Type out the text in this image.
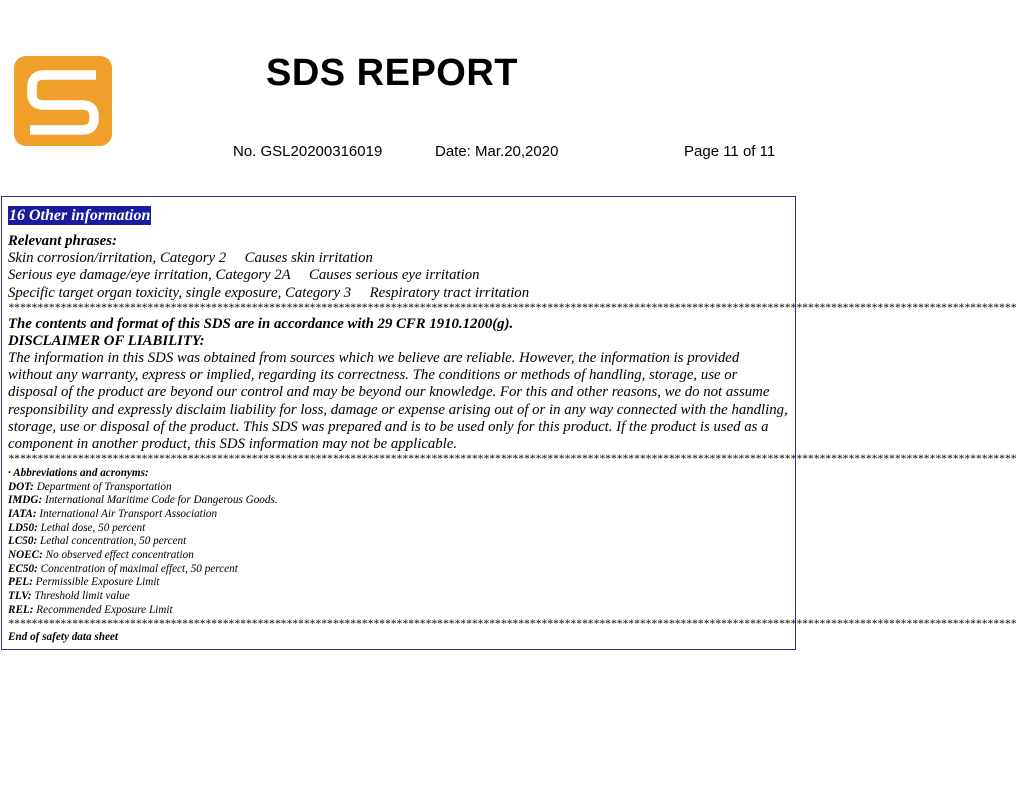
SDS REPORT
No. GSL20200316019	Date: Mar.20,2020	Page 11 of 11
16 Other information
Relevant phrases:
Skin corrosion/irritation, Category 2     Causes skin irritation
Serious eye damage/eye irritation, Category 2A     Causes serious eye irritation
Specific target organ toxicity, single exposure, Category 3     Respiratory tract irritation
******************************************************************************************************************************************************************************
The contents and format of this SDS are in accordance with 29 CFR 1910.1200(g).
DISCLAIMER OF LIABILITY:
The information in this SDS was obtained from sources which we believe are reliable. However, the information is provided
without any warranty, express or implied, regarding its correctness. The conditions or methods of handling, storage, use or
disposal of the product are beyond our control and may be beyond our knowledge. For this and other reasons, we do not assume
responsibility and expressly disclaim liability for loss, damage or expense arising out of or in any way connected with the handling,
storage, use or disposal of the product. This SDS was prepared and is to be used only for this product. If the product is used as a
component in another product, this SDS information may not be applicable.
******************************************************************************************************************************************************************************
· Abbreviations and acronyms:
DOT: Department of Transportation
IMDG: International Maritime Code for Dangerous Goods.
IATA: International Air Transport Association
LD50: Lethal dose, 50 percent
LC50: Lethal concentration, 50 percent
NOEC: No observed effect concentration
EC50: Concentration of maximal effect, 50 percent
PEL: Permissible Exposure Limit
TLV: Threshold limit value
REL: Recommended Exposure Limit
******************************************************************************************************************************************************************************
End of safety data sheet
